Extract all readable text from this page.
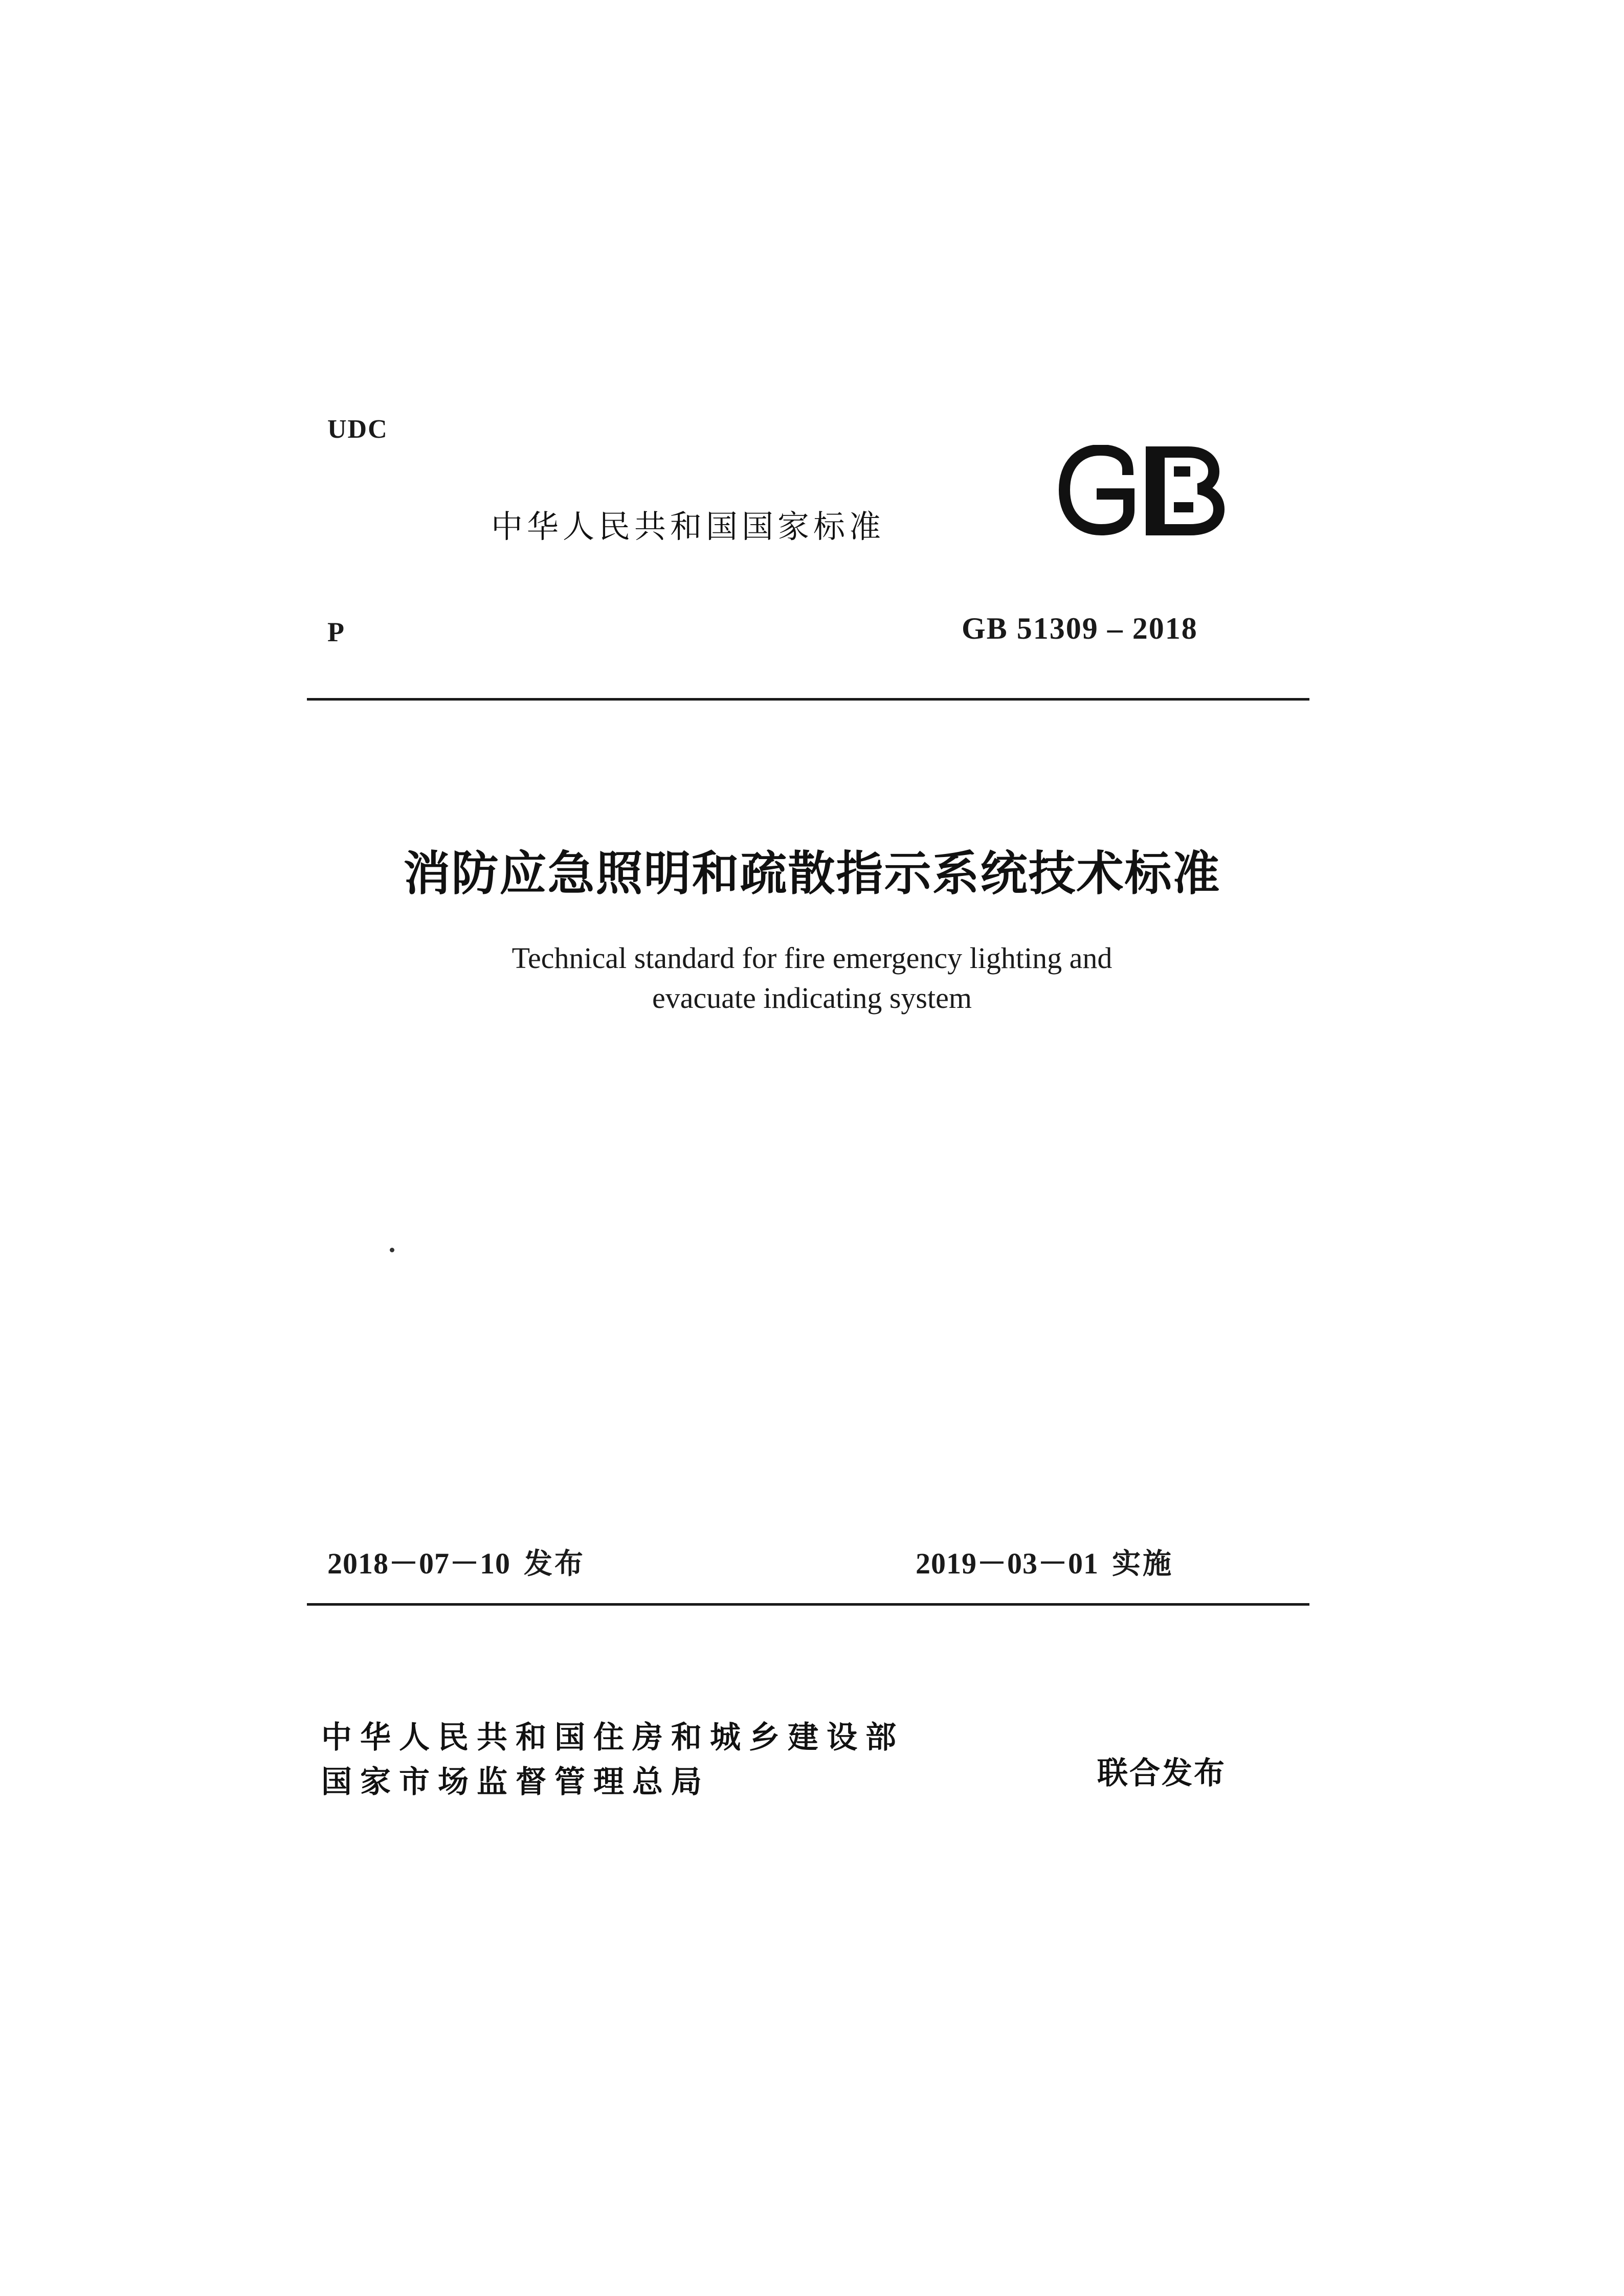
UDC
中华人民共和国国家标准
P	GB 51309 – 2018
消防应急照明和疏散指示系统技术标准
Technical standard for fire emergency lighting and
evacuate indicating system
2018－07－10 发布	2019－03－01 实施
中华人民共和国住房和城乡建设部
国家市场监督管理总局	联合发布
